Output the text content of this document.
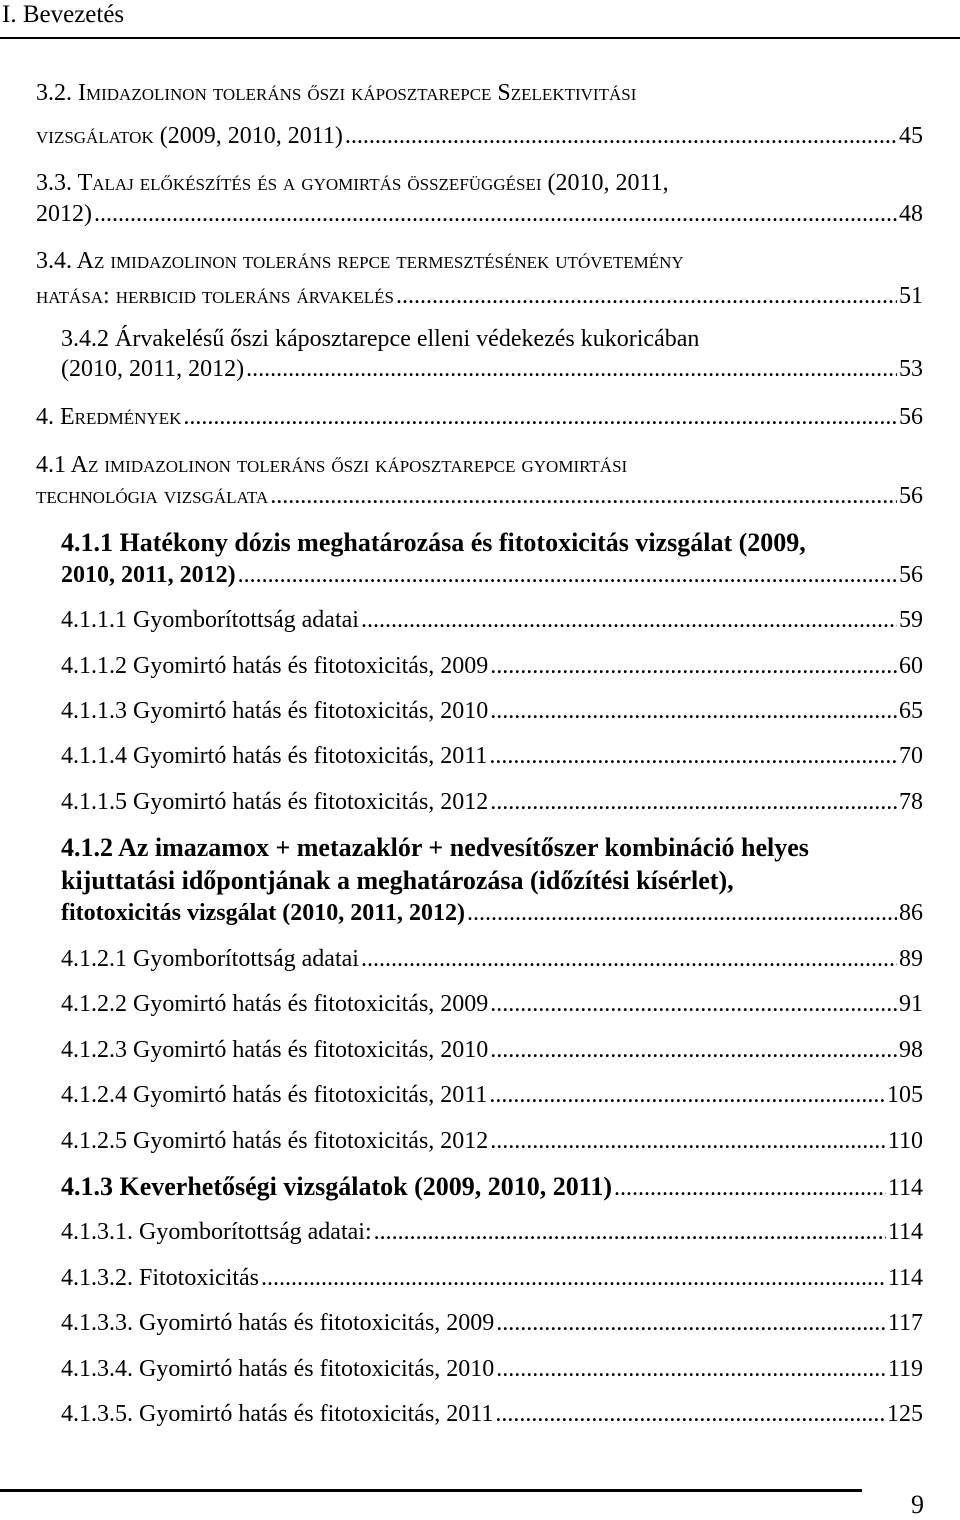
I. Bevezetés
3.2. Imidazolinon toleráns őszi káposztarepce Szelektivitási
vizsgálatok (2009, 2010, 2011) .....	45
3.3. Talaj előkészítés és a gyomirtás összefüggései (2010, 2011,
2012) .....	48
3.4. Az imidazolinon toleráns repce termesztésének utóvetemény
hatása: herbicid toleráns árvakelés .....	51
3.4.2 Árvakelésű őszi káposztarepce elleni védekezés kukoricában
(2010, 2011, 2012) .....	53
4. Eredmények .....	56
4.1 Az imidazolinon toleráns őszi káposztarepce gyomirtási
technológia vizsgálata .....	56
4.1.1 Hatékony dózis meghatározása és fitotoxicitás vizsgálat (2009,
2010, 2011, 2012) .....	56
4.1.1.1 Gyomborítottság adatai .....	59
4.1.1.2 Gyomirtó hatás és fitotoxicitás, 2009 .....	60
4.1.1.3 Gyomirtó hatás és fitotoxicitás, 2010 .....	65
4.1.1.4 Gyomirtó hatás és fitotoxicitás, 2011 .....	70
4.1.1.5 Gyomirtó hatás és fitotoxicitás, 2012 .....	78
4.1.2 Az imazamox + metazaklór + nedvesítőszer kombináció helyes
kijuttatási időpontjának a meghatározása (időzítési kísérlet),
fitotoxicitás vizsgálat (2010, 2011, 2012) .....	86
4.1.2.1 Gyomborítottság adatai .....	89
4.1.2.2 Gyomirtó hatás és fitotoxicitás, 2009 .....	91
4.1.2.3 Gyomirtó hatás és fitotoxicitás, 2010 .....	98
4.1.2.4 Gyomirtó hatás és fitotoxicitás, 2011 .....	105
4.1.2.5 Gyomirtó hatás és fitotoxicitás, 2012 .....	110
4.1.3 Keverhetőségi vizsgálatok (2009, 2010, 2011) .....	114
4.1.3.1. Gyomborítottság adatai: .....	114
4.1.3.2. Fitotoxicitás .....	114
4.1.3.3. Gyomirtó hatás és fitotoxicitás, 2009 .....	117
4.1.3.4. Gyomirtó hatás és fitotoxicitás, 2010 .....	119
4.1.3.5. Gyomirtó hatás és fitotoxicitás, 2011 .....	125
9
